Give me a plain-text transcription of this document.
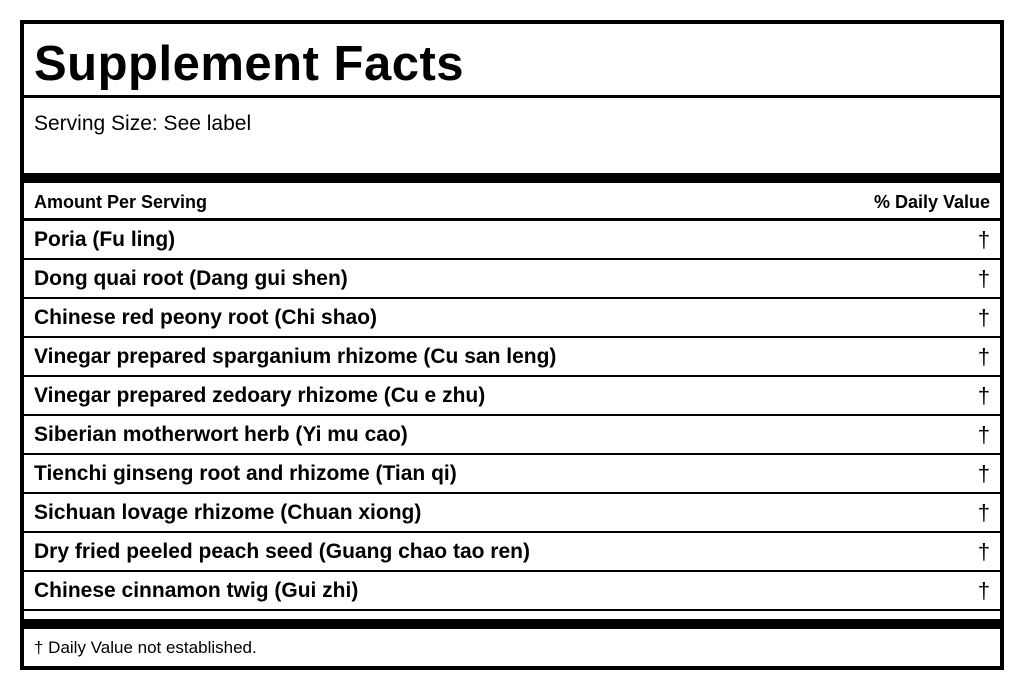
Supplement Facts
Serving Size: See label
Amount Per Serving	% Daily Value
Poria (Fu ling)	†
Dong quai root (Dang gui shen)	†
Chinese red peony root (Chi shao)	†
Vinegar prepared sparganium rhizome (Cu san leng)	†
Vinegar prepared zedoary rhizome (Cu e zhu)	†
Siberian motherwort herb (Yi mu cao)	†
Tienchi ginseng root and rhizome (Tian qi)	†
Sichuan lovage rhizome (Chuan xiong)	†
Dry fried peeled peach seed (Guang chao tao ren)	†
Chinese cinnamon twig (Gui zhi)	†
† Daily Value not established.
